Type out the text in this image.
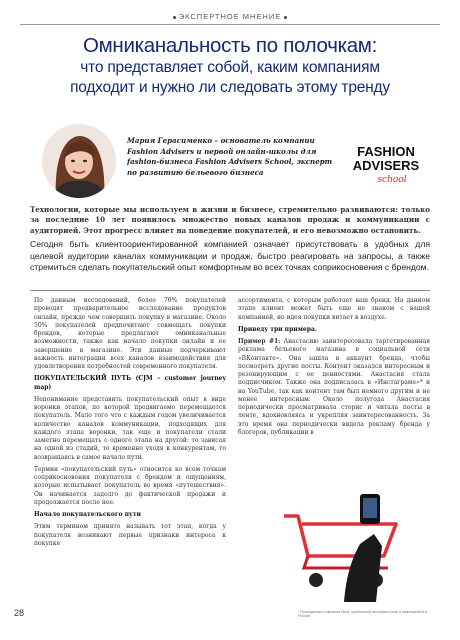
ЭКСПЕРТНОЕ МНЕНИЕ
Омниканальность по полочкам:
что представляет собой, каким компаниям
подходит и нужно ли следовать этому тренду
Мария Герасименко – основатель компании Fashion Advisers и первой онлайн-школы для fashion-бизнеса Fashion Advisers School, эксперт по развитию бельевого бизнеса
FASHION
ADVISERS
school
Технологии, которые мы используем в жизни и бизнесе, стремительно развиваются: только за последние 10 лет появилось множество новых каналов продаж и коммуникации с аудиторией. Этот прогресс влияет на поведение покупателей, и его невозможно остановить.
Сегодня быть клиентоориентированной компанией означает присутствовать в удобных для целевой аудитории каналах коммуникации и продаж, быстро реагировать на запросы, а также стремиться сделать покупательский опыт комфортным во всех точках соприкосновения с брендом.

По данным исследований, более 70% покупателей проводят предварительное исследование продуктов онлайн, прежде чем совершить покупку в магазине. Около 50% покупателей предпочитают совмещать покупки брендов, которые предлагают омниканальные возможности, также как начало покупки онлайн и ее завершение в магазине. Эти данные подчеркивают важность интеграции всех каналов взаимодействия для удовлетворения потребностей современного покупателя.

ПОКУПАТЕЛЬСКИЙ ПУТЬ (CJM – customer journey map)

Непонимание представить покупательский опыт в виде воронки этапов, по которой продвигаемо перемещается покупатель. Мало того что с каждым годом увеличивается количество каналов коммуникации, подходящих для каждого этапа воронки, так еще и покупатели стали заметно перемещать с одного этапа на другой: то зависая на одной из стадий, то временно уходя к конкурентам, то возвращаясь в самое начало пути.

Термин «покупательский путь» относится ко всем точкам соприкосновения покупателя с брендом и ощущениям, которые испытывает покупатель во время «путешествия». Он начинается задолго до фактической продажи и продолжается после нее.

Начало покупательского пути

Этим термином принято называть тот этап, когда у покупателя возникают первые признаки интереса к покупке

ассортимента, с которым работает ваш бренд. На данном этапе клиент может быть еще не знаком с вашей компанией, но идея покупки витает в воздухе.

Приведу три примера.

Пример #1: Анастасию заинтересовала таргетированная реклама бельевого магазина в социальной сети «ВКонтакте». Она зашла в аккаунт бренда, чтобы посмотреть другие посты. Контент оказался интересным и резонирующим с ее ценностями. Анастасия стала подписчиком. Также она подписалась в «Инстаграме»* и на YouTube, так как контент там был немного другим и не менее интересным. Около полугода Анастасия периодически просматривала сторис и читала посты в ленте, вдохновляясь и укрепляя заинтересованность. За это время она периодически видела рекламу бренда у блогеров, публикации в

* Принадлежит компании Meta, признанной экстремистской и запрещенной в России.
28
